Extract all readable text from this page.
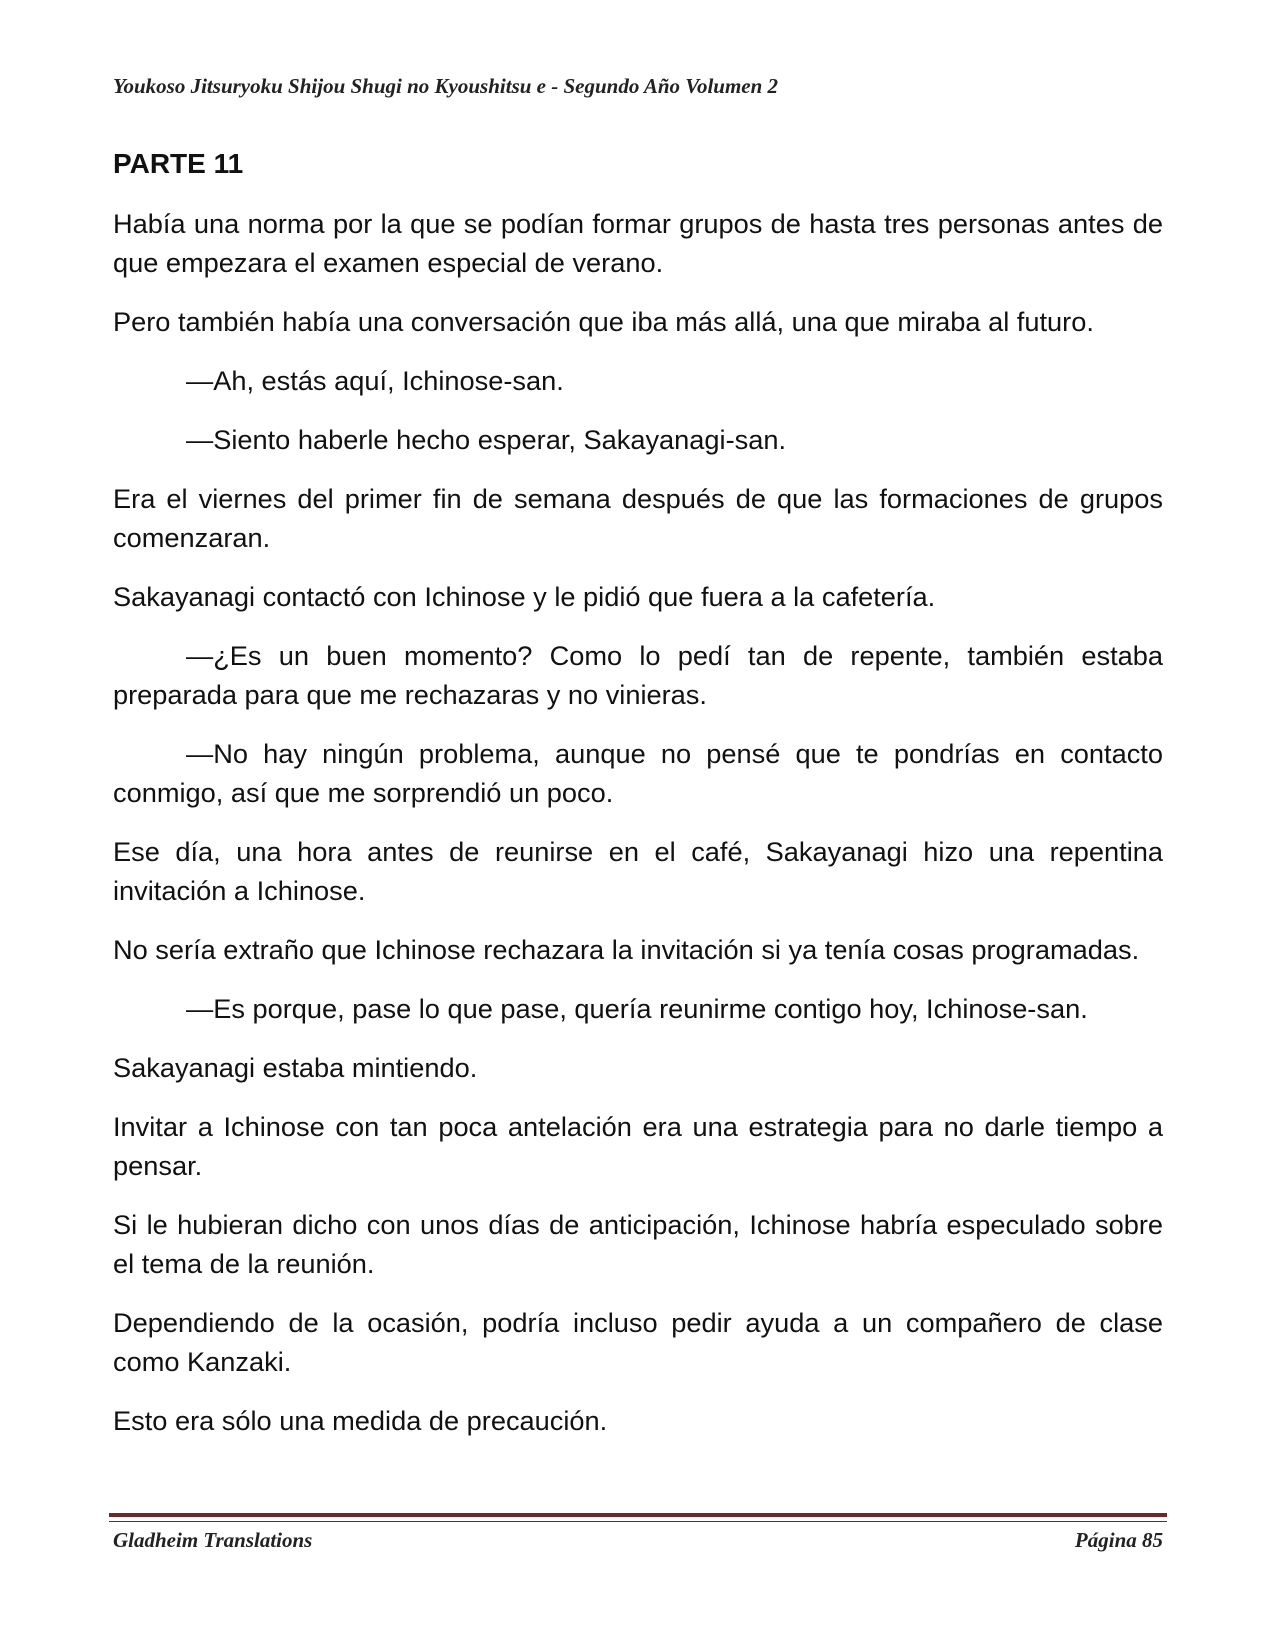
Youkoso Jitsuryoku Shijou Shugi no Kyoushitsu e - Segundo Año Volumen 2
PARTE 11

Había una norma por la que se podían formar grupos de hasta tres personas antes de que empezara el examen especial de verano.

Pero también había una conversación que iba más allá, una que miraba al futuro.

—Ah, estás aquí, Ichinose-san.

—Siento haberle hecho esperar, Sakayanagi-san.

Era el viernes del primer fin de semana después de que las formaciones de grupos comenzaran.

Sakayanagi contactó con Ichinose y le pidió que fuera a la cafetería.

—¿Es un buen momento? Como lo pedí tan de repente, también estaba preparada para que me rechazaras y no vinieras.

—No hay ningún problema, aunque no pensé que te pondrías en contacto conmigo, así que me sorprendió un poco.

Ese día, una hora antes de reunirse en el café, Sakayanagi hizo una repentina invitación a Ichinose.

No sería extraño que Ichinose rechazara la invitación si ya tenía cosas programadas.

—Es porque, pase lo que pase, quería reunirme contigo hoy, Ichinose-san.

Sakayanagi estaba mintiendo.

Invitar a Ichinose con tan poca antelación era una estrategia para no darle tiempo a pensar.

Si le hubieran dicho con unos días de anticipación, Ichinose habría especulado sobre el tema de la reunión.

Dependiendo de la ocasión, podría incluso pedir ayuda a un compañero de clase como Kanzaki.

Esto era sólo una medida de precaución.

Gladheim Translations	Página 85
